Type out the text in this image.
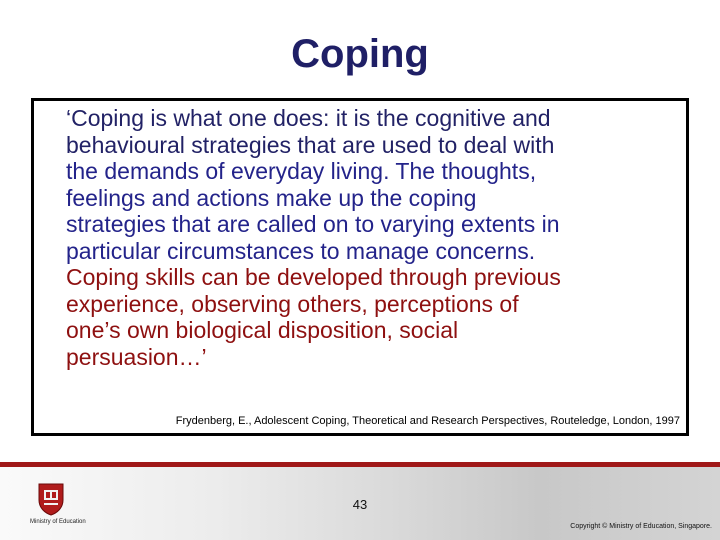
Coping
‘Coping is what one does: it is the cognitive and
behavioural strategies that are used to deal with
the demands of everyday living. The thoughts,
feelings and actions make up the coping
strategies that are called on to varying extents in
particular circumstances to manage concerns.
Coping skills can be developed through previous
experience, observing others, perceptions of
one’s own biological disposition, social
persuasion…’
Frydenberg, E., Adolescent Coping, Theoretical and Research Perspectives, Routeledge, London, 1997
Ministry of Education
43
Copyright © Ministry of Education, Singapore.
